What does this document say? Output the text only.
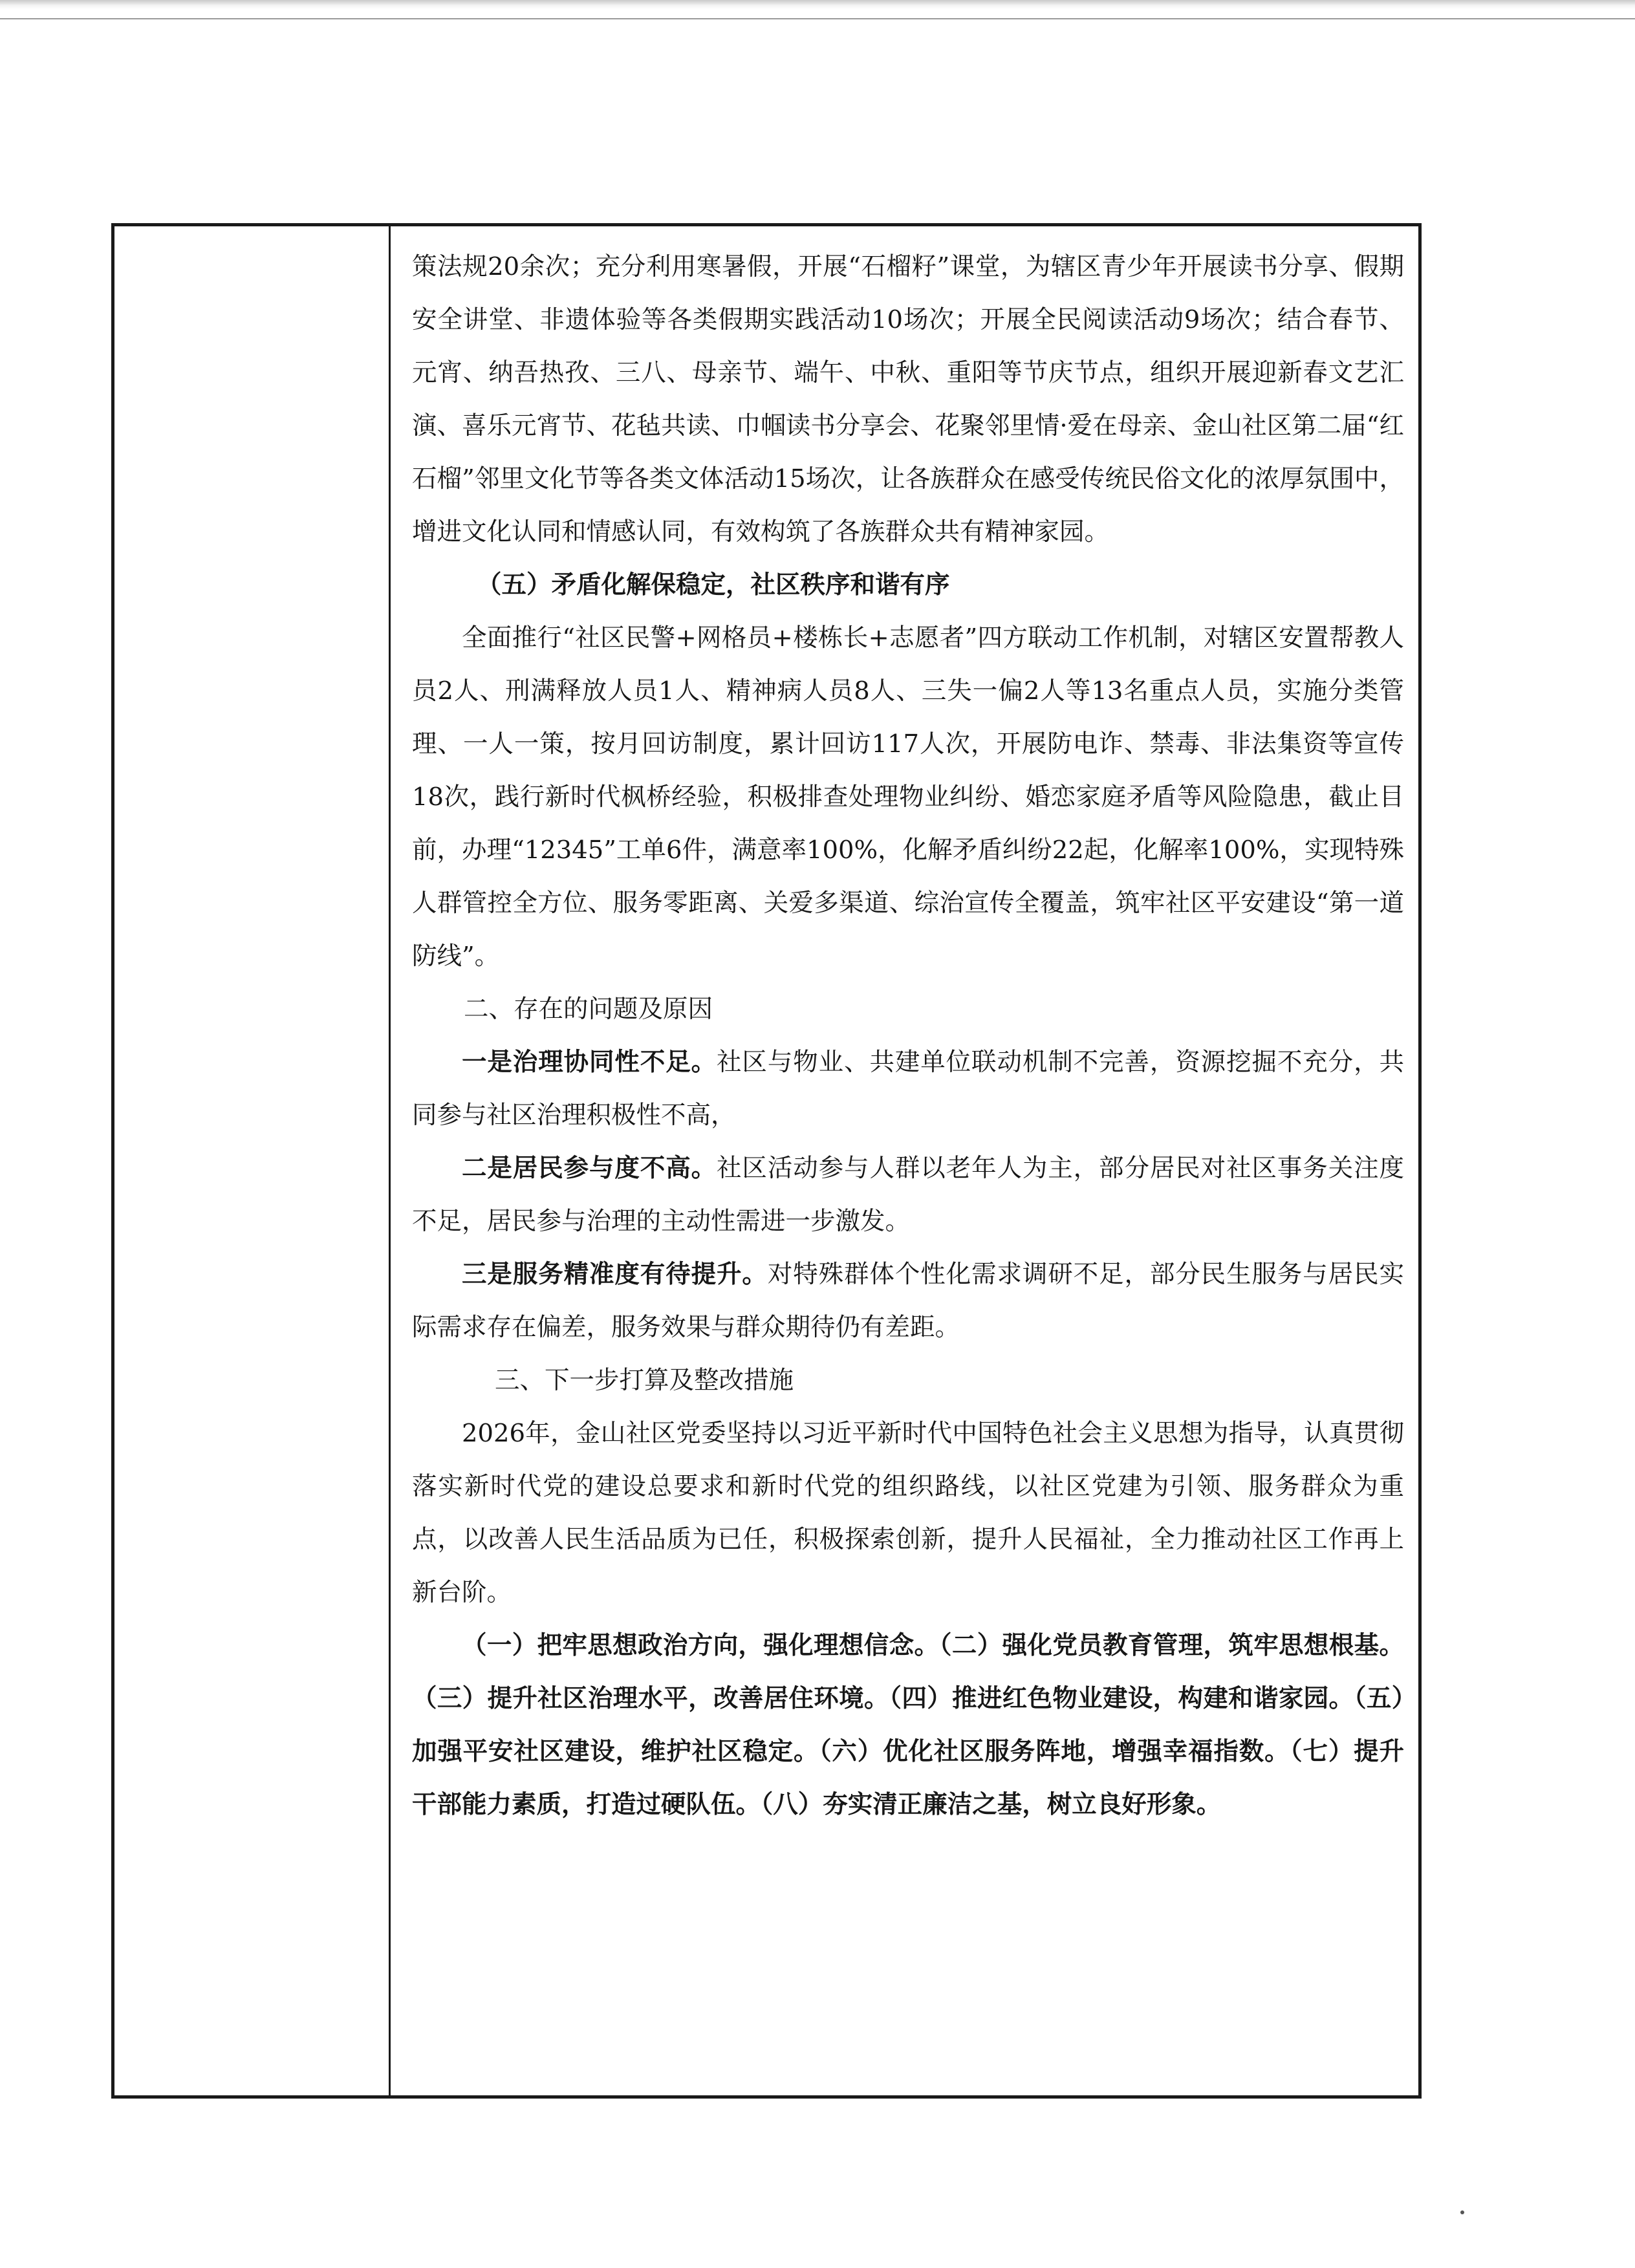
策法规20余次；充分利用寒暑假，开展“石榴籽”课堂，为辖区青少年开展读书分享、假期安全讲堂、非遗体验等各类假期实践活动10场次；开展全民阅读活动9场次；结合春节、元宵、纳吾热孜、三八、母亲节、端午、中秋、重阳等节庆节点，组织开展迎新春文艺汇演、喜乐元宵节、花毡共读、巾帼读书分享会、花聚邻里情·爱在母亲、金山社区第二届“红石榴”邻里文化节等各类文体活动15场次，让各族群众在感受传统民俗文化的浓厚氛围中，增进文化认同和情感认同，有效构筑了各族群众共有精神家园。

（五）矛盾化解保稳定，社区秩序和谐有序

全面推行“社区民警+网格员+楼栋长+志愿者”四方联动工作机制，对辖区安置帮教人员2人、刑满释放人员1人、精神病人员8人、三失一偏2人等13名重点人员，实施分类管理、一人一策，按月回访制度，累计回访117人次，开展防电诈、禁毒、非法集资等宣传18次，践行新时代枫桥经验，积极排查处理物业纠纷、婚恋家庭矛盾等风险隐患，截止目前，办理“12345”工单6件，满意率100%，化解矛盾纠纷22起，化解率100%，实现特殊人群管控全方位、服务零距离、关爱多渠道、综治宣传全覆盖，筑牢社区平安建设“第一道防线”。

二、存在的问题及原因

一是治理协同性不足。社区与物业、共建单位联动机制不完善，资源挖掘不充分，共同参与社区治理积极性不高，

二是居民参与度不高。社区活动参与人群以老年人为主，部分居民对社区事务关注度不足，居民参与治理的主动性需进一步激发。

三是服务精准度有待提升。对特殊群体个性化需求调研不足，部分民生服务与居民实际需求存在偏差，服务效果与群众期待仍有差距。

三、下一步打算及整改措施

2026年，金山社区党委坚持以习近平新时代中国特色社会主义思想为指导，认真贯彻落实新时代党的建设总要求和新时代党的组织路线，以社区党建为引领、服务群众为重点，以改善人民生活品质为已任，积极探索创新，提升人民福祉，全力推动社区工作再上新台阶。

（一）把牢思想政治方向，强化理想信念。（二）强化党员教育管理，筑牢思想根基。（三）提升社区治理水平，改善居住环境。（四）推进红色物业建设，构建和谐家园。（五）加强平安社区建设，维护社区稳定。（六）优化社区服务阵地，增强幸福指数。（七）提升干部能力素质，打造过硬队伍。（八）夯实清正廉洁之基，树立良好形象。
